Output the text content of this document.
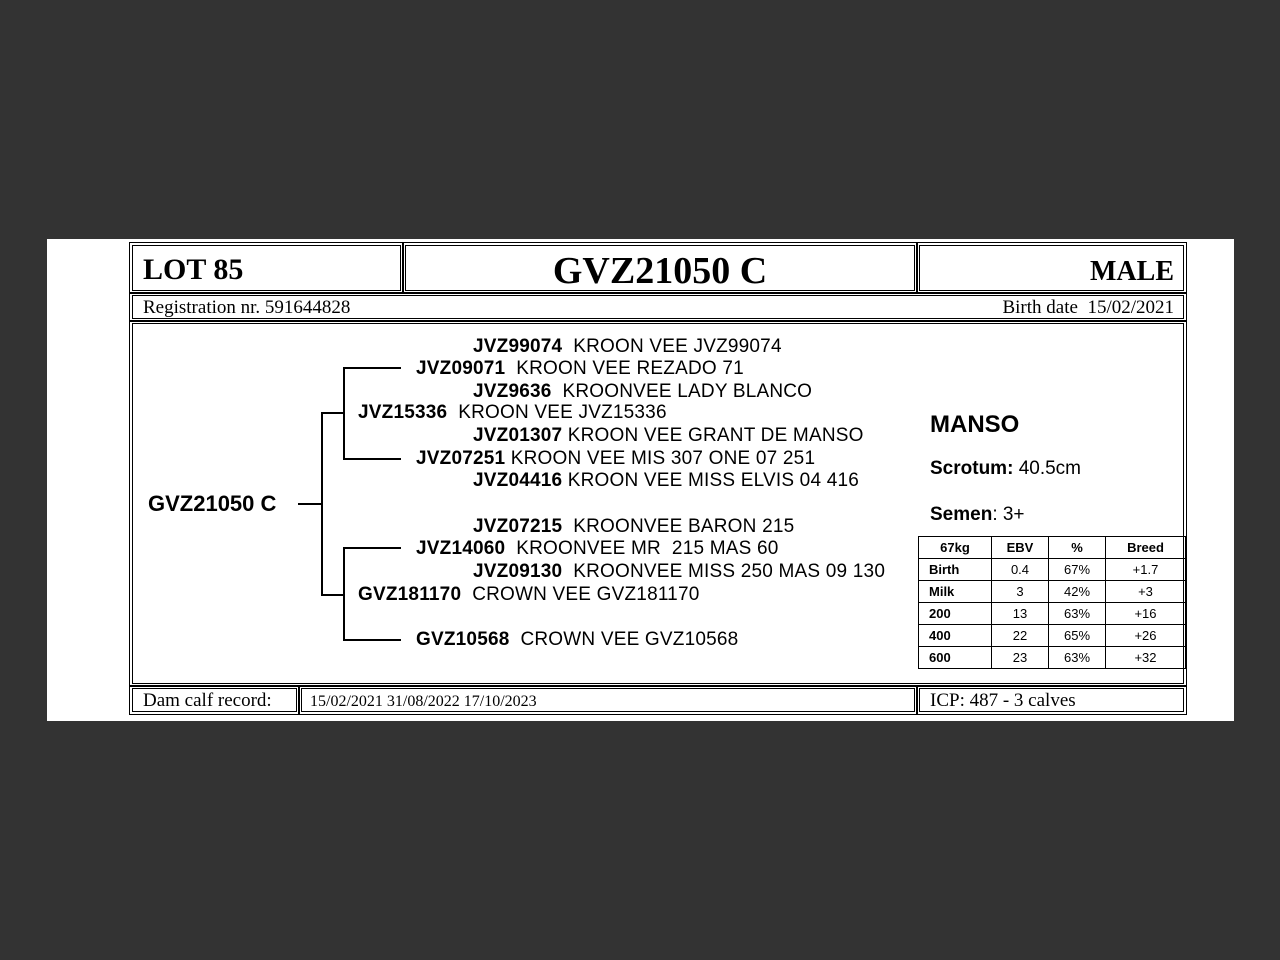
LOT 85	GVZ21050 C	MALE
Registration nr. 591644828	Birth date 15/02/2021
GVZ21050 C
JVZ99074 KROON VEE JVZ99074
JVZ09071 KROON VEE REZADO 71
JVZ9636 KROONVEE LADY BLANCO
JVZ15336 KROON VEE JVZ15336
JVZ01307 KROON VEE GRANT DE MANSO
JVZ07251 KROON VEE MIS 307 ONE 07 251
JVZ04416 KROON VEE MISS ELVIS 04 416
JVZ07215 KROONVEE BARON 215
JVZ14060 KROONVEE MR  215 MAS 60
JVZ09130 KROONVEE MISS 250 MAS 09 130
GVZ181170 CROWN VEE GVZ181170
GVZ10568 CROWN VEE GVZ10568
MANSO
Scrotum: 40.5cm
Semen: 3+
67kg	EBV	%	Breed
Birth	0.4	67%	+1.7
Milk	3	42%	+3
200	13	63%	+16
400	22	65%	+26
600	23	63%	+32
Dam calf record: 15/02/2021 31/08/2022 17/10/2023	ICP: 487 - 3 calves
